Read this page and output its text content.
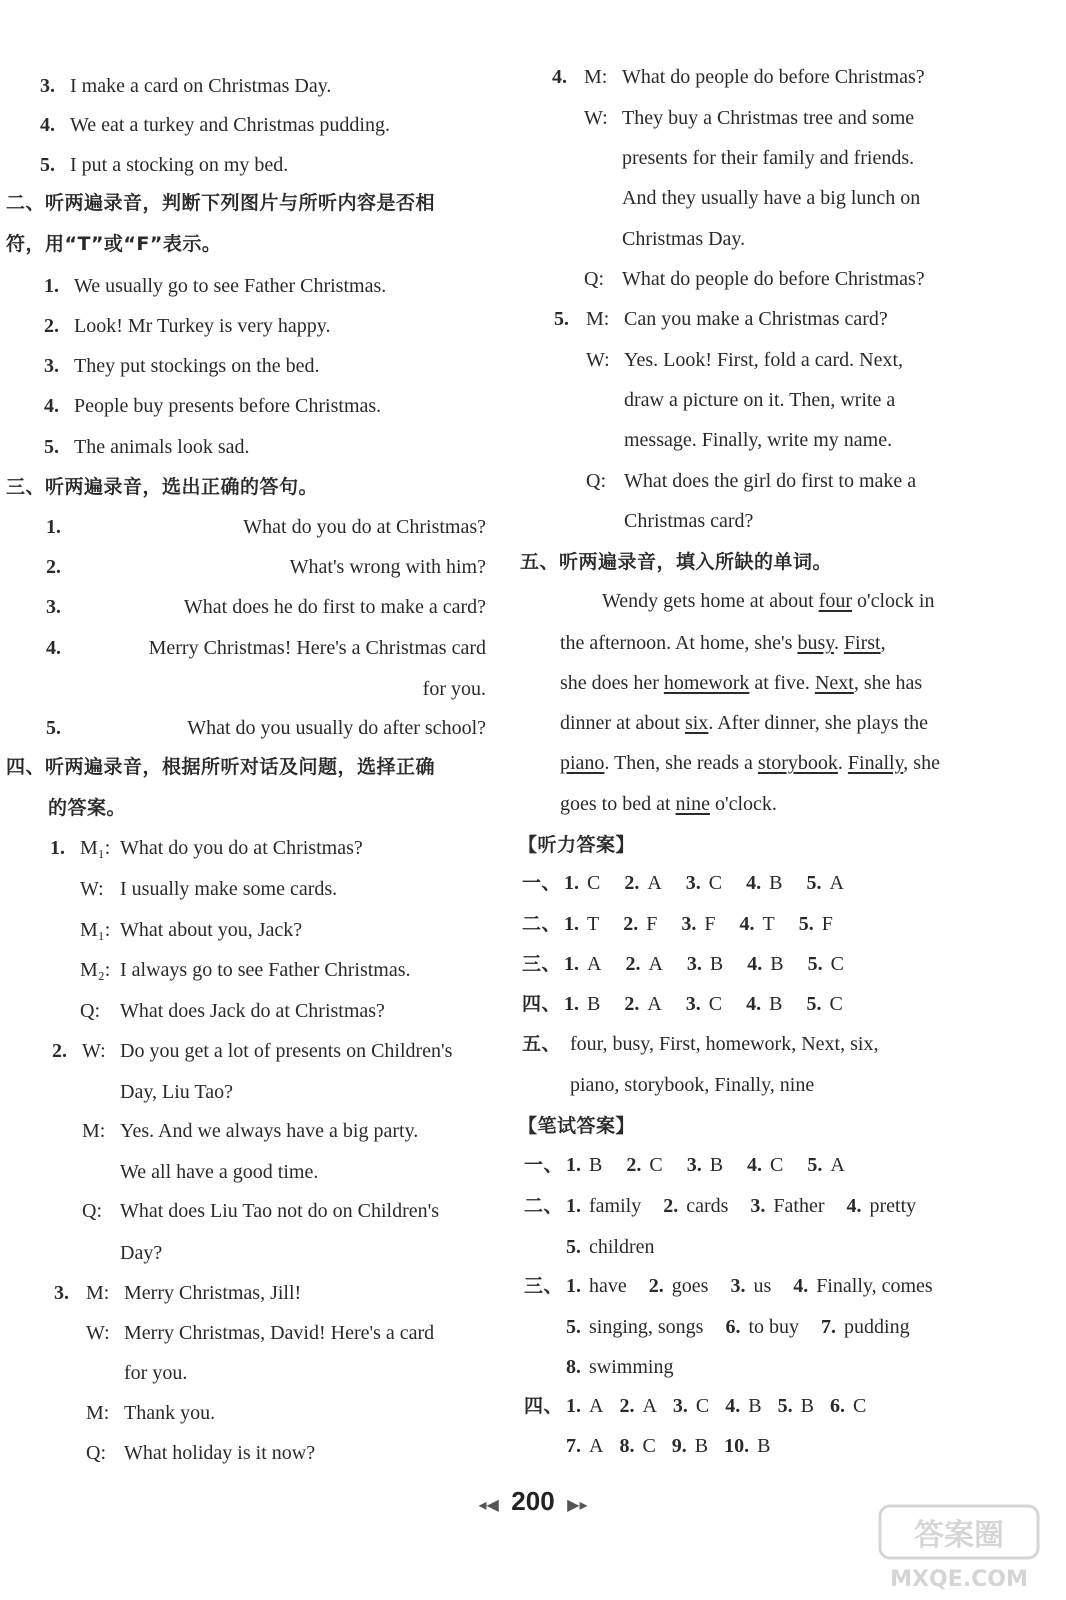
3. I make a card on Christmas Day.
4. We eat a turkey and Christmas pudding.
5. I put a stocking on my bed.
二、听两遍录音，判断下列图片与所听内容是否相
符，用“T”或“F”表示。
1. We usually go to see Father Christmas.
2. Look! Mr Turkey is very happy.
3. They put stockings on the bed.
4. People buy presents before Christmas.
5. The animals look sad.
三、听两遍录音，选出正确的答句。
1.	What do you do at Christmas?
2.	What's wrong with him?
3.	What does he do first to make a card?
4.	Merry Christmas! Here's a Christmas card
for you.
5.	What do you usually do after school?
四、听两遍录音，根据所听对话及问题，选择正确
的答案。
1. M₁: What do you do at Christmas?
W: I usually make some cards.
M₁: What about you, Jack?
M₂: I always go to see Father Christmas.
Q: What does Jack do at Christmas?
2. W: Do you get a lot of presents on Children's
Day, Liu Tao?
M: Yes. And we always have a big party.
We all have a good time.
Q: What does Liu Tao not do on Children's
Day?
3. M: Merry Christmas, Jill!
W: Merry Christmas, David! Here's a card
for you.
M: Thank you.
Q: What holiday is it now?
4. M: What do people do before Christmas?
W: They buy a Christmas tree and some
presents for their family and friends.
And they usually have a big lunch on
Christmas Day.
Q: What do people do before Christmas?
5. M: Can you make a Christmas card?
W: Yes. Look! First, fold a card. Next,
draw a picture on it. Then, write a
message. Finally, write my name.
Q: What does the girl do first to make a
Christmas card?
五、听两遍录音，填入所缺的单词。
Wendy gets home at about four o'clock in
the afternoon. At home, she's busy. First,
she does her homework at five. Next, she has
dinner at about six. After dinner, she plays the
piano. Then, she reads a storybook. Finally, she
goes to bed at nine o'clock.
【听力答案】
一、 1. C 2. A 3. C 4. B 5. A
二、 1. T 2. F 3. F 4. T 5. F
三、 1. A 2. A 3. B 4. B 5. C
四、 1. B 2. A 3. C 4. B 5. C
五、 four, busy, First, homework, Next, six,
piano, storybook, Finally, nine
【笔试答案】
一、 1. B 2. C 3. B 4. C 5. A
二、 1. family 2. cards 3. Father 4. pretty
5. children
三、 1. have 2. goes 3. us 4. Finally, comes
5. singing, songs 6. to buy 7. pudding
8. swimming
四、 1. A 2. A 3. C 4. B 5. B 6. C
7. A 8. C 9. B 10. B
◂◀ 200 ▶▸
答案圈
MXQE.COM
